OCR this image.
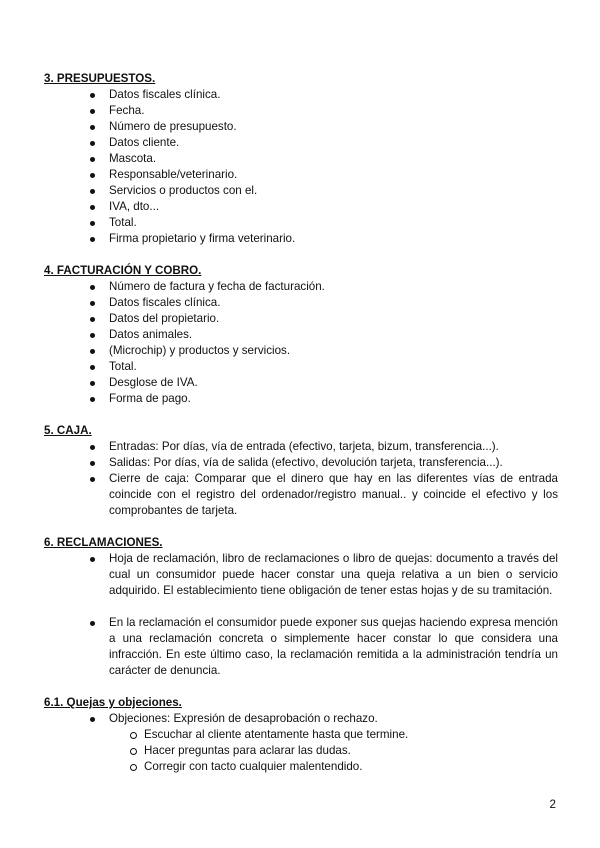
3. PRESUPUESTOS.
Datos fiscales clínica.
Fecha.
Número de presupuesto.
Datos cliente.
Mascota.
Responsable/veterinario.
Servicios o productos con el.
IVA, dto...
Total.
Firma propietario y firma veterinario.
4. FACTURACIÓN Y COBRO.
Número de factura y fecha de facturación.
Datos fiscales clínica.
Datos del propietario.
Datos animales.
(Microchip) y productos y servicios.
Total.
Desglose de IVA.
Forma de pago.
5. CAJA.
Entradas: Por días, vía de entrada (efectivo, tarjeta, bizum, transferencia...).
Salidas: Por días, vía de salida (efectivo, devolución tarjeta, transferencia...).
Cierre de caja: Comparar que el dinero que hay en las diferentes vías de entrada coincide con el registro del ordenador/registro manual.. y coincide el efectivo y los comprobantes de tarjeta.
6. RECLAMACIONES.
Hoja de reclamación, libro de reclamaciones o libro de quejas: documento a través del cual un consumidor puede hacer constar una queja relativa a un bien o servicio adquirido. El establecimiento tiene obligación de tener estas hojas y de su tramitación.
En la reclamación el consumidor puede exponer sus quejas haciendo expresa mención a una reclamación concreta o simplemente hacer constar lo que considera una infracción. En este último caso, la reclamación remitida a la administración tendría un carácter de denuncia.
6.1. Quejas y objeciones.
Objeciones: Expresión de desaprobación o rechazo.
Escuchar al cliente atentamente hasta que termine.
Hacer preguntas para aclarar las dudas.
Corregir con tacto cualquier malentendido.
2
